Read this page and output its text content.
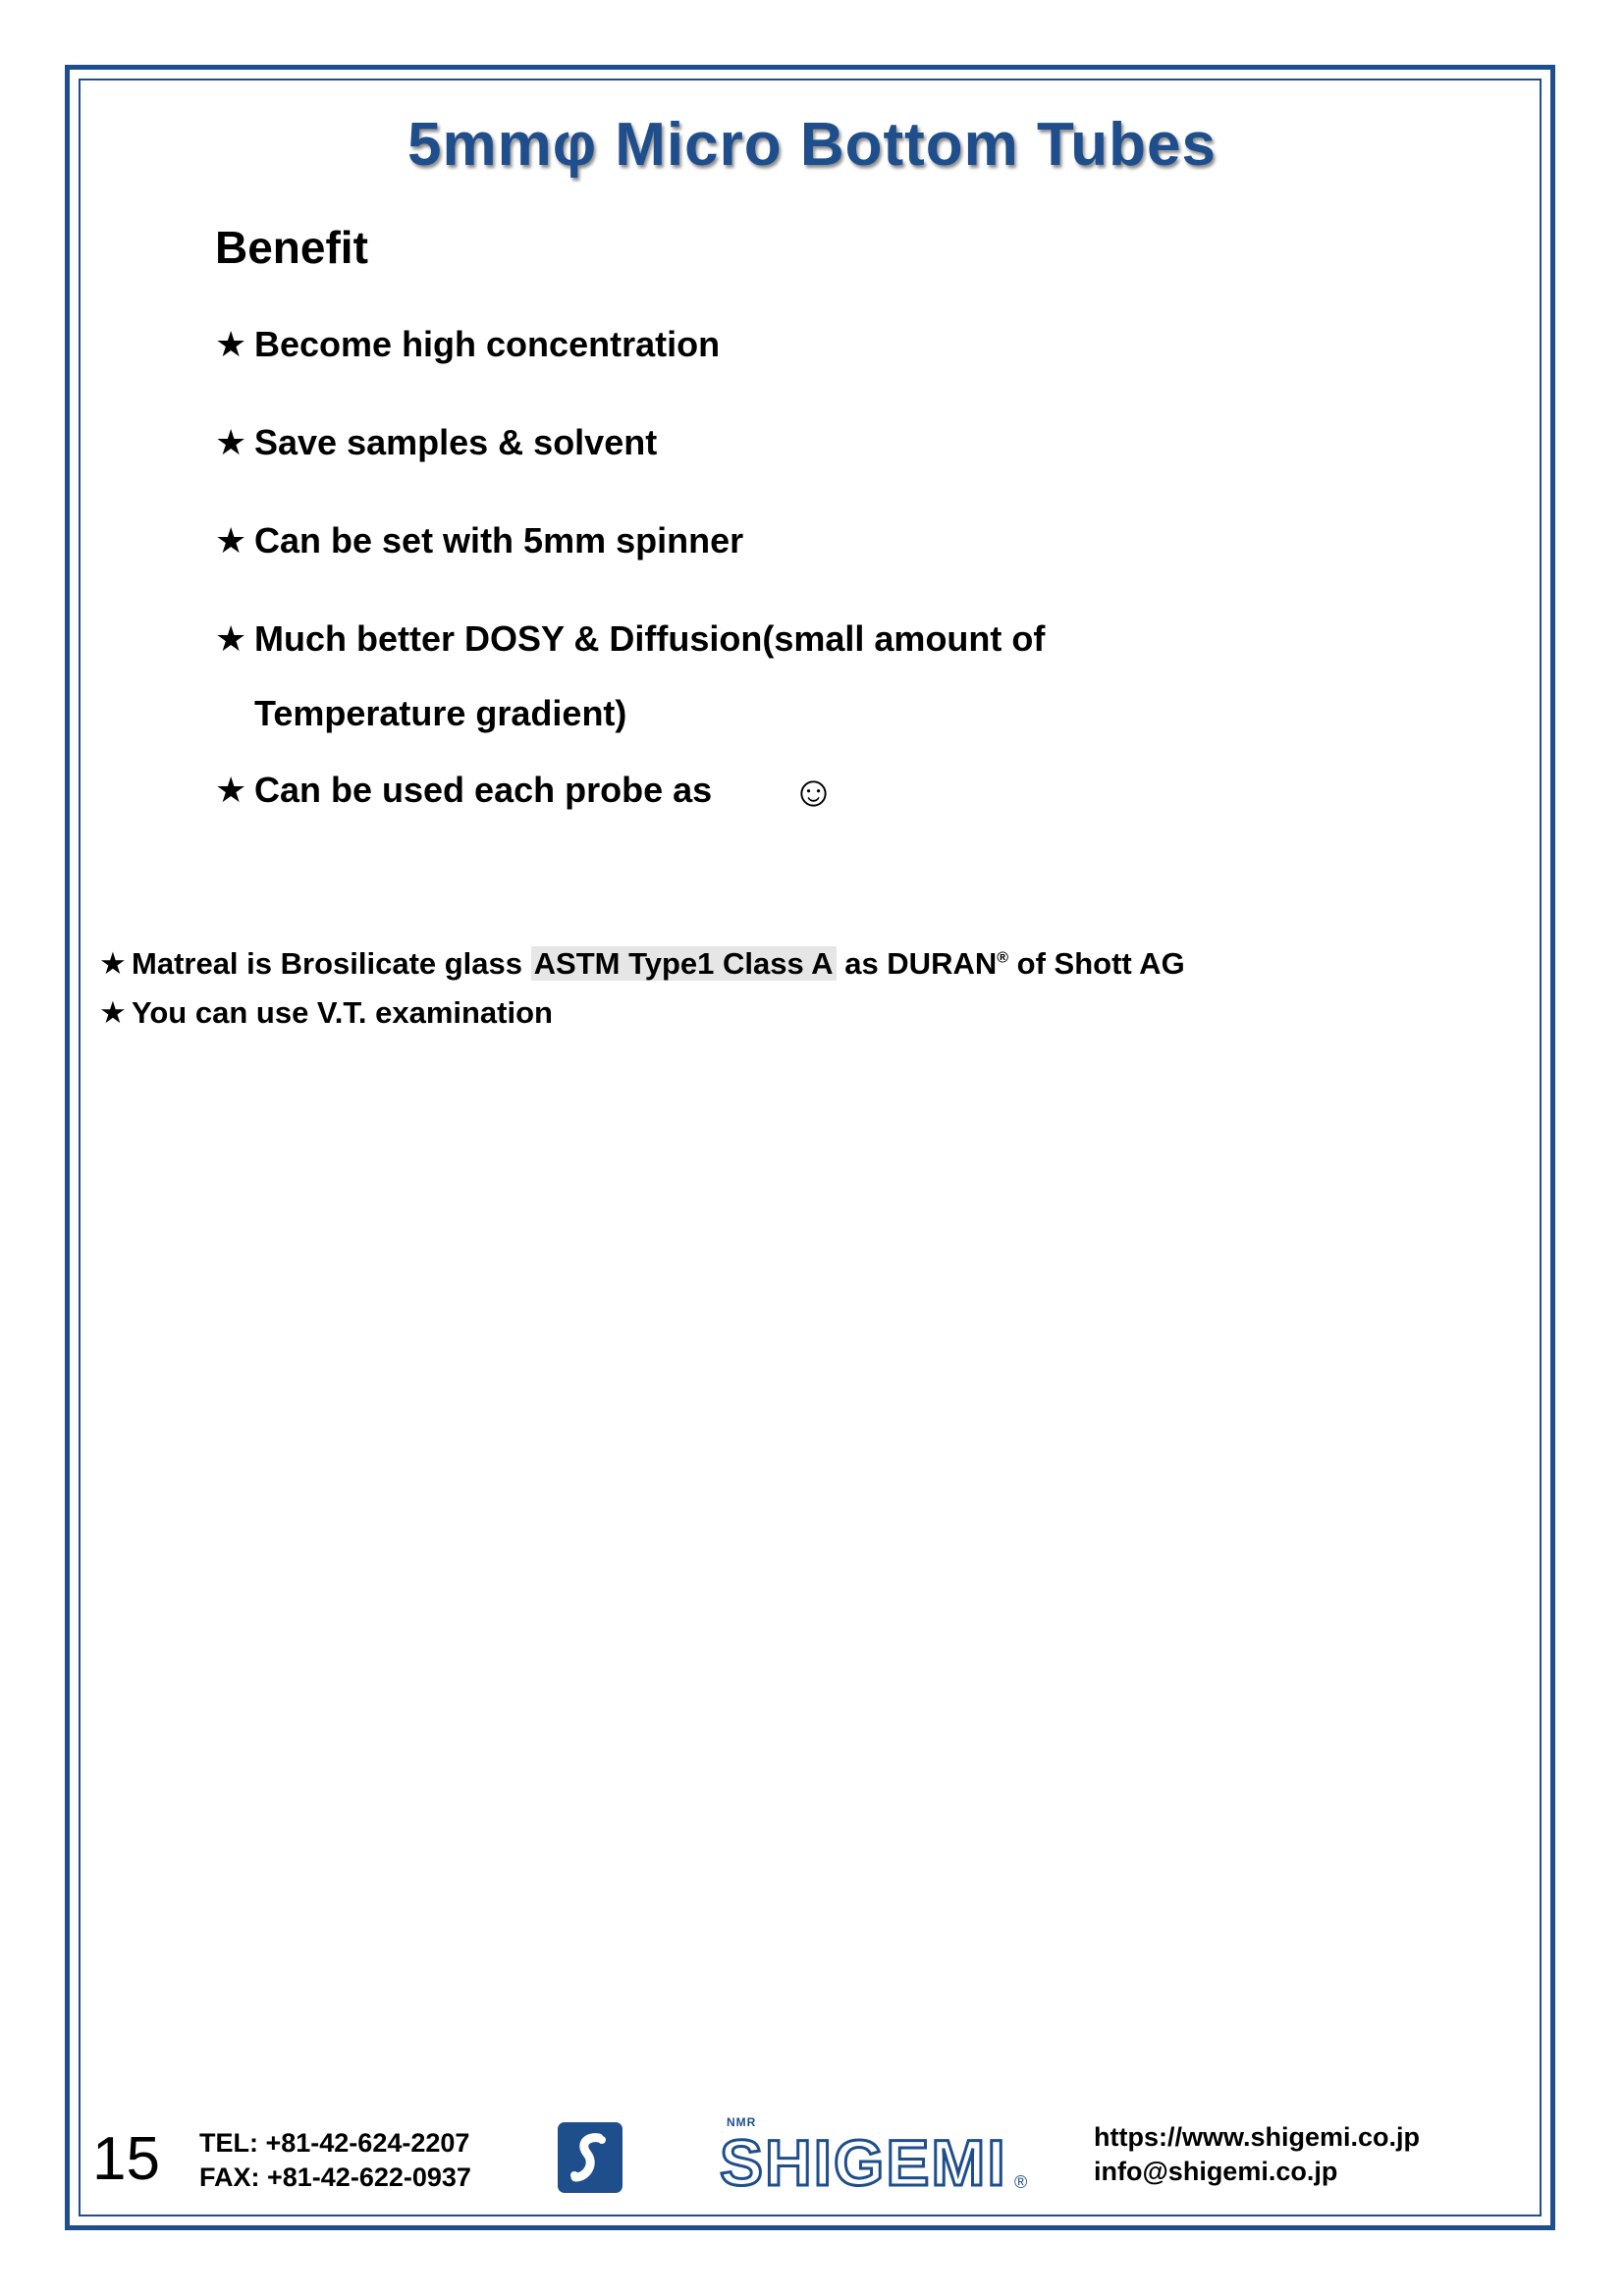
5mmφ Micro Bottom Tubes
Benefit
★ Become high concentration
★ Save samples & solvent
★ Can be set with 5mm spinner
★ Much better DOSY & Diffusion(small amount of
Temperature gradient)
★ Can be used each probe as ☺
★ Matreal is Brosilicate glass ASTM Type1 Class A as DURAN® of Shott AG
★ You can use V.T. examination
15 TEL: +81-42-624-2207
FAX: +81-42-622-0937
NMR
SHIGEMI ®
https://www.shigemi.co.jp
info@shigemi.co.jp
